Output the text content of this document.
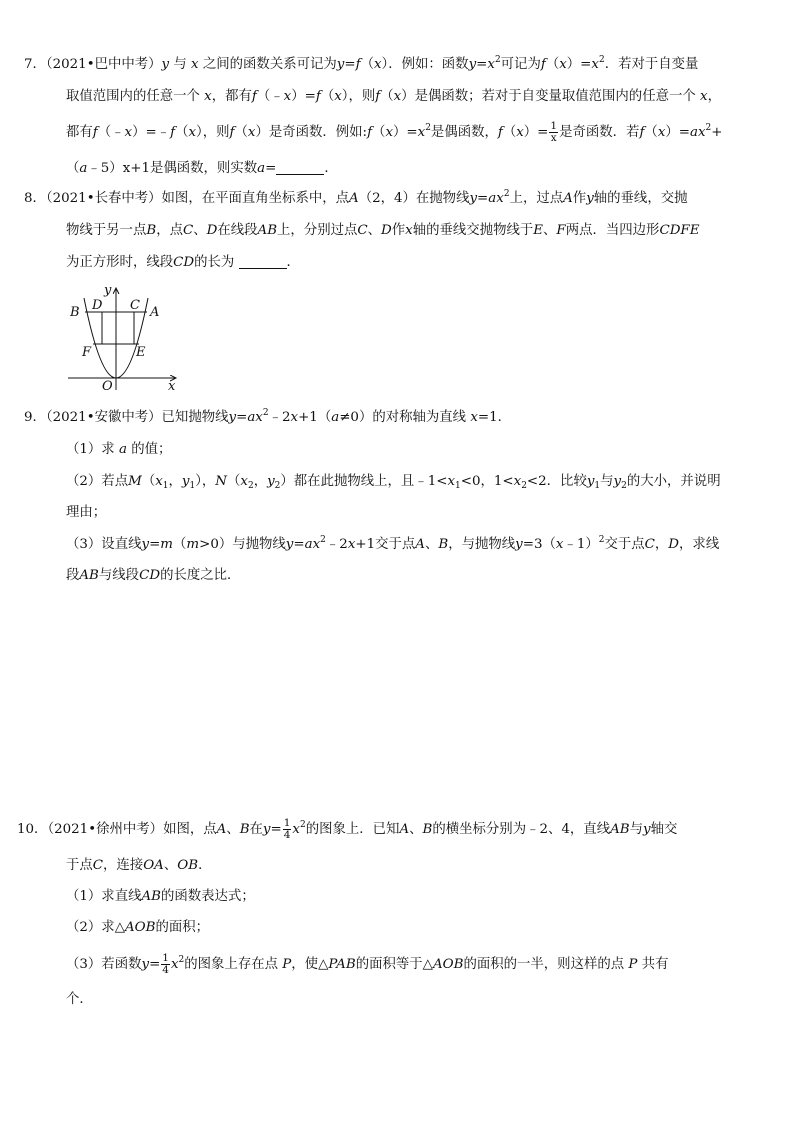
7．（2021•巴中中考）y 与 x 之间的函数关系可记为y=f（x）．例如：函数$y=x^2$可记为$f(x)=x^2$．若对于自变量
取值范围内的任意一个 x，都有f（﹣x）=f（x），则f（x）是偶函数；若对于自变量取值范围内的任意一个 x，
都有f（﹣x）=﹣f（x），则f（x）是奇函数．例如$:f(x)=x^2$是偶函数，$f(x)= \frac{1}{x}$ 是奇函数．若$f(x)=ax^2+$
（a﹣5）x+1是偶函数，则实数a=	．
8．（2021•长春中考）如图，在平面直角坐标系中，点A（2，4）在抛物线$y=ax^2$上，过点A作y轴的垂线，交抛
物线于另一点B，点C、D在线段AB上，分别过点C、D作x轴的垂线交抛物线于E、F两点．当四边形CDFE
为正方形时，线段CD的长为	．
y
x
O
D C A
B
F	E
9．（2021•安徽中考）已知抛物线$y=ax^2﹣2x+1(a\ne 0)$的对称轴为直线 x=1．
（1）求 a 的值；
（2）若点$M(x_1$，$y_1$），$N(x_2$，$y_2$）都在此抛物线上，且$﹣1<x_1<0$，$1<x_2<2$．比较$y_1$与$y_2$的大小，并说明
理由；
（3）设直线y=m（m>0）与抛物线$y=ax^2﹣2x+1$交于点A、B，与抛物线y=3（x﹣1）$^2$交于点C，D，求线
段AB与线段CD的长度之比．
10．（2021•徐州中考）如图，点A、B在$y= \frac{1}{4} x^2$的图象上．已知A、B的横坐标分别为﹣2、4，直线AB与y轴交
于点C，连接OA、OB．
（1）求直线AB的函数表达式；
（2）求△AOB的面积；
（3）若函数$y= \frac{1}{4} x^2$的图象上存在点 P，使△PAB的面积等于△AOB的面积的一半，则这样的点 P 共有
个．
